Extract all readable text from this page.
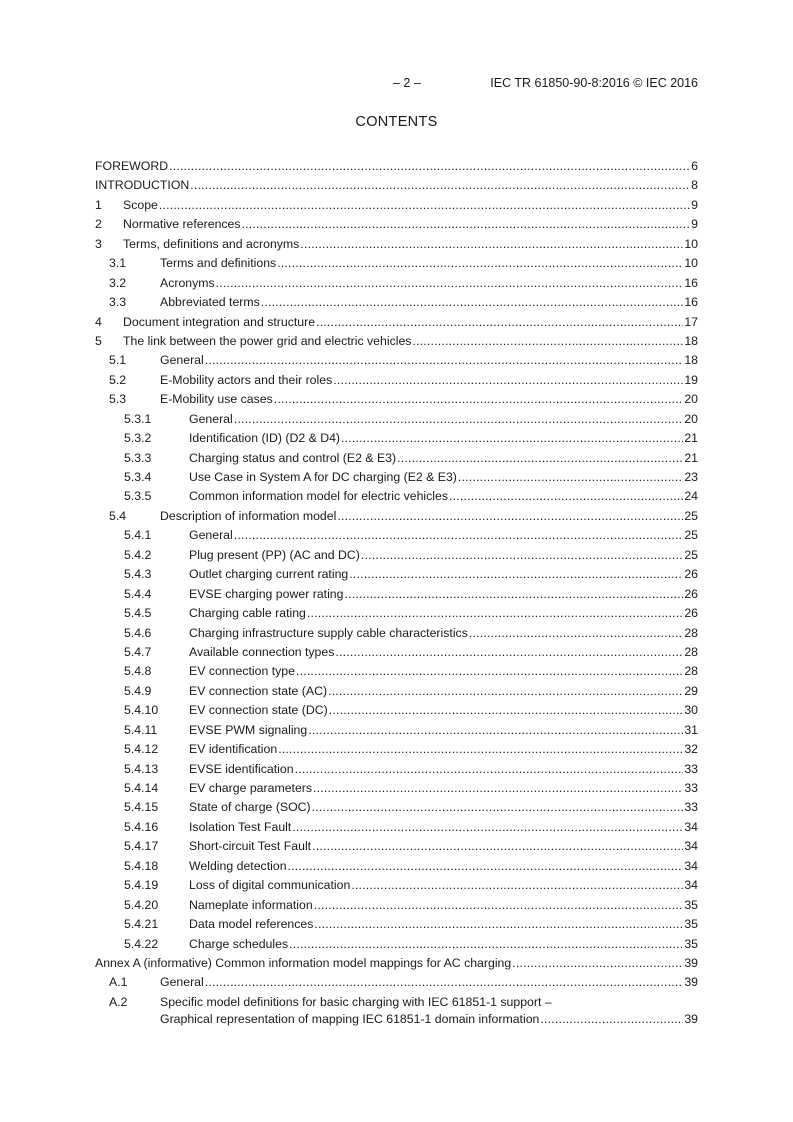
– 2 –	IEC TR 61850-90-8:2016 © IEC 2016
CONTENTS
FOREWORD .....	6
INTRODUCTION .....	8
1	Scope .....	9
2	Normative references .....	9
3	Terms, definitions and acronyms .....	10
3.1	Terms and definitions .....	10
3.2	Acronyms .....	16
3.3	Abbreviated terms .....	16
4	Document integration and structure .....	17
5	The link between the power grid and electric vehicles .....	18
5.1	General .....	18
5.2	E-Mobility actors and their roles .....	19
5.3	E-Mobility use cases .....	20
5.3.1	General .....	20
5.3.2	Identification (ID) (D2 & D4) .....	21
5.3.3	Charging status and control (E2 & E3) .....	21
5.3.4	Use Case in System A for DC charging (E2 & E3) .....	23
5.3.5	Common information model for electric vehicles .....	24
5.4	Description of information model .....	25
5.4.1	General .....	25
5.4.2	Plug present (PP) (AC and DC) .....	25
5.4.3	Outlet charging current rating .....	26
5.4.4	EVSE charging power rating .....	26
5.4.5	Charging cable rating .....	26
5.4.6	Charging infrastructure supply cable characteristics .....	28
5.4.7	Available connection types .....	28
5.4.8	EV connection type .....	28
5.4.9	EV connection state (AC) .....	29
5.4.10	EV connection state (DC) .....	30
5.4.11	EVSE PWM signaling .....	31
5.4.12	EV identification .....	32
5.4.13	EVSE identification .....	33
5.4.14	EV charge parameters .....	33
5.4.15	State of charge (SOC) .....	33
5.4.16	Isolation Test Fault .....	34
5.4.17	Short-circuit Test Fault .....	34
5.4.18	Welding detection .....	34
5.4.19	Loss of digital communication .....	34
5.4.20	Nameplate information .....	35
5.4.21	Data model references .....	35
5.4.22	Charge schedules .....	35
Annex A (informative) Common information model mappings for AC charging .....	39
A.1	General .....	39
A.2	Specific model definitions for basic charging with IEC 61851-1 support –
Graphical representation of mapping IEC 61851-1 domain information .....	39
